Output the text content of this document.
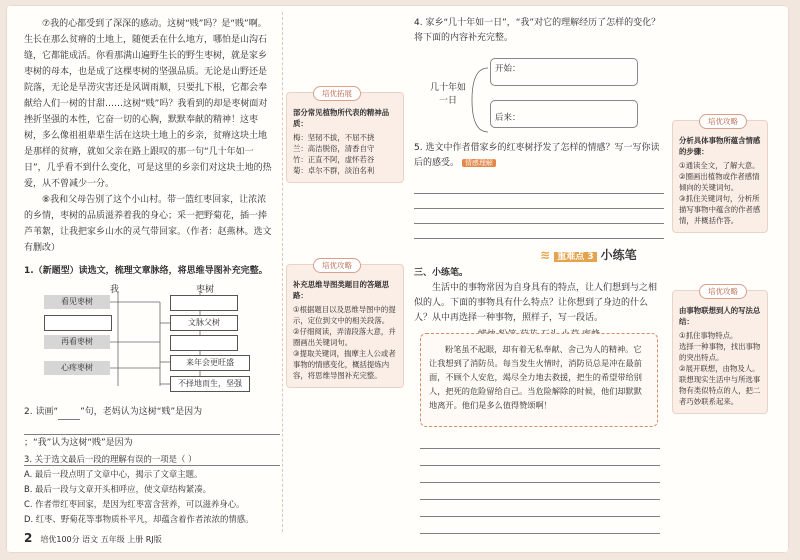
⑦我的心都受到了深深的感动。这树“贱”吗？是“贱”啊。生长在那么贫瘠的土地上，随便丢在什么地方，哪怕是山沟石缝，它都能成活。你看那满山遍野生长的野生枣树，就是家乡枣树的母本，也是成了这棵枣树的坚强品质。无论是山野还是院落，无论是旱涝灾害还是风调雨顺，只要扎下根，它都会奉献给人们一树的甘甜……这树“贱”吗？我看到的却是枣树面对挫折坚强的本性，它奋一切的心胸，默默奉献的精神！这枣树，多么像祖祖辈辈生活在这块土地上的乡亲，贫瘠这块土地是那样的贫瘠，就如父亲在路上跟叹的那一句“几十年如一日”，几乎看不到什么变化，可是这里的乡亲们对这块土地的热爱，从不曾减少一分。

⑧我和父母告别了这个小山村。带一篮红枣回家，让浓浓的乡情，枣树的品质滋养着我的身心；采一把野菊花，插一捧芦苇絮，让我把家乡山水的灵气带回家。（作者：赵燕林。选文有删改）

1.（新题型）读选文，梳理文章脉络，将思维导图补充完整。
我	枣树
看见枣树
再看枣树
心疼枣树
文脉父树
来年会更旺盛
不择地而生，坚强
2. 读画“ ”句，老妈认为这树“贱”是因为
；“我”认为这树“贱”是因为
3. 关于选文最后一段的理解有误的一项是（ ）
A. 最后一段点明了文章中心，揭示了文章主题。
B. 最后一段与文章开头相呼应，使文章结构紧凑。
C. 作者带红枣回家，是因为红枣富含营养，可以滋养身心。
D. 红枣、野菊花等事物质朴平凡，却蕴含着作者浓浓的情感。
2 培优100分 语文 五年级 上册 RJ版
培优拓展
部分常见植物所代表的精神品质：
梅：坚韧不拔，不屈不挠
兰：高洁脱俗，清香自守
竹：正直不阿，虚怀若谷
菊：卓尔不群，淡泊名利
培优攻略
补充思维导图类题目的答题思路：
①根据题目以及思维导图中的提示，定位到文中的相关段落。
②仔细阅读，弄清段落大意，并圈画出关键词句。
③提取关键词，揣摩主人公或者事物的情感变化，概括提炼内容，将思维导图补充完整。
4. 家乡“几十年如一日”，“我”对它的理解经历了怎样的变化？将下面的内容补充完整。
几十年如一日
开始：
后来：
5. 选文中作者借家乡的红枣树抒发了怎样的情感？写一写你读后的感受。 情感理解
≋ 重难点 3 小练笔
三、小练笔。
生活中的事物常因为自身具有的特点，让人们想到与之相似的人。下面的事物具有什么特点？让你想到了身边的什么人？从中再选择一种事物，照样子，写一段话。
粉笔虽不起眼，却有着无私奉献、舍己为人的精神。它让我想到了消防员。每当发生火情时，消防员总是冲在最前面，不顾个人安危，竭尽全力地去救援，把生的希望带给别人，把死的危险留给自己。当危险解除的时候，他们却默默地离开。他们是多么值得赞颂啊！
培优攻略
分析具体事物所蕴含情感的步骤：
①通读全文，了解大意。
②圈画出植物或作者感情倾向的关键词句。
③抓住关键词句，分析所描写事物中蕴含的作者感情，并概括作答。
培优攻略
由事物联想到人的写法总结：
①抓住事物特点。
选择一种事物，找出事物的突出特点。
②展开联想，由物及人。
联想现实生活中与所选事物有类似特点的人，把二者巧妙联系起来。
